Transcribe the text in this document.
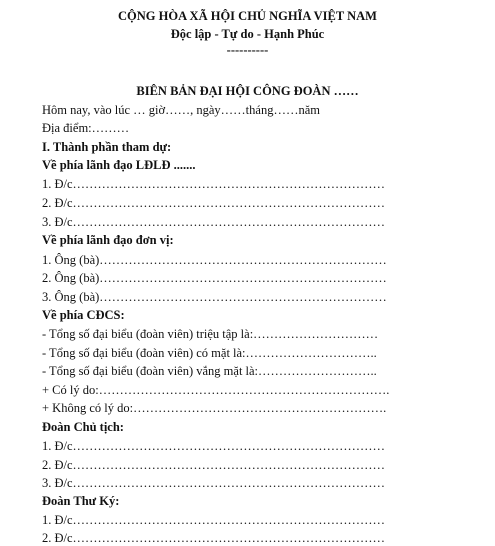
CỘNG HÒA XÃ HỘI CHỦ NGHĨA VIỆT NAM
Độc lập - Tự do - Hạnh Phúc
----------
BIÊN BẢN ĐẠI HỘI CÔNG ĐOÀN ……
Hôm nay, vào lúc … giờ……, ngày……tháng……năm
Địa điểm:………
I. Thành phần tham dự:
Về phía lãnh đạo LĐLĐ .......
1. Đ/c…………………………………………………………………
2. Đ/c…………………………………………………………………
3. Đ/c…………………………………………………………………
Về phía lãnh đạo đơn vị:
1. Ông (bà)……………………………………………………………
2. Ông (bà)……………………………………………………………
3. Ông (bà)……………………………………………………………
Về phía CĐCS:
- Tổng số đại biểu (đoàn viên) triệu tập là:…………………………
- Tổng số đại biểu (đoàn viên) có mặt là:…………………………..
- Tổng số đại biểu (đoàn viên) vắng mặt là:………………………..
+ Có lý do:…………………………………………………………….
+ Không có lý do:…………………………………………………….
Đoàn Chủ tịch:
1. Đ/c…………………………………………………………………
2. Đ/c…………………………………………………………………
3. Đ/c…………………………………………………………………
Đoàn Thư Ký:
1. Đ/c…………………………………………………………………
2. Đ/c…………………………………………………………………
